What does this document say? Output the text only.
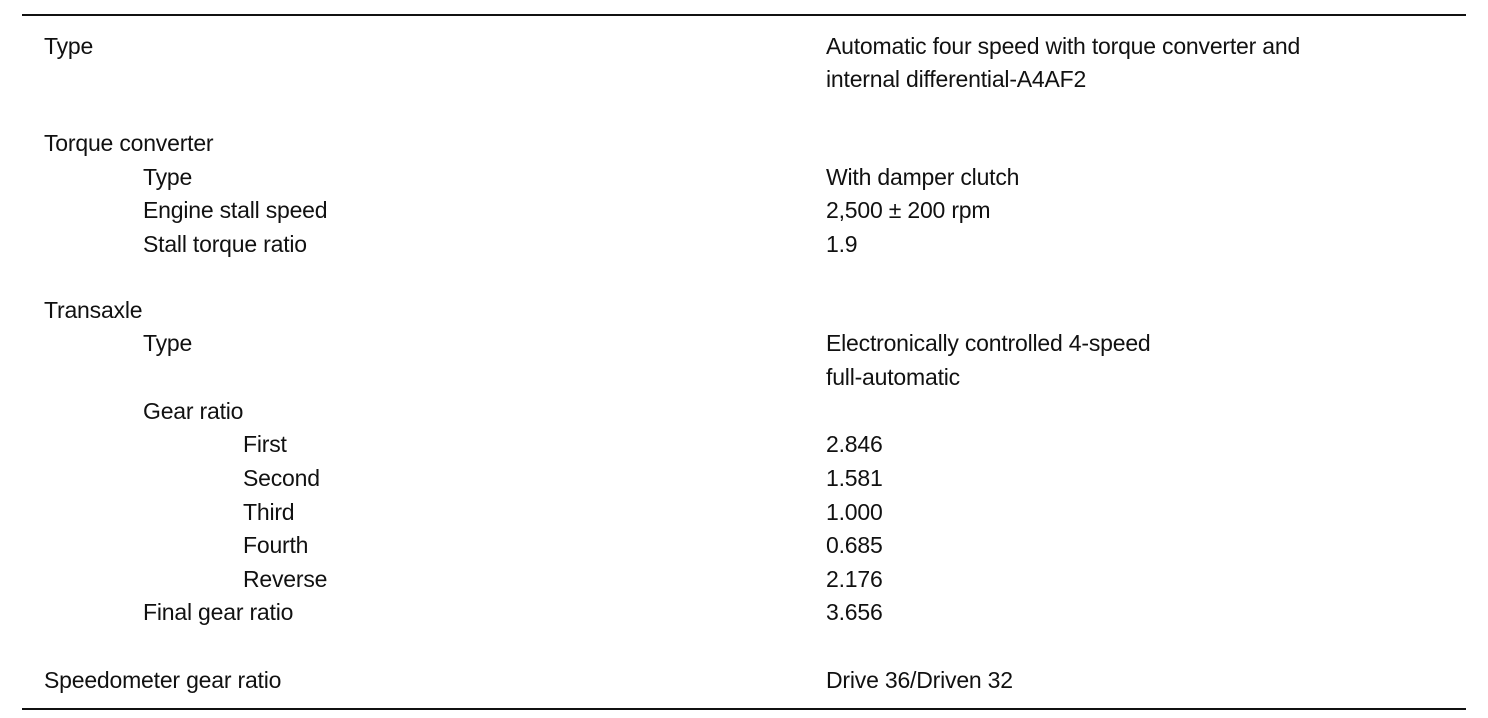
Type	Automatic four speed with torque converter and
internal differential-A4AF2
Torque converter
Type	With damper clutch
Engine stall speed	2,500 ± 200 rpm
Stall torque ratio	1.9
Transaxle
Type	Electronically controlled 4-speed
full-automatic
Gear ratio
First	2.846
Second	1.581
Third	1.000
Fourth	0.685
Reverse	2.176
Final gear ratio	3.656
Speedometer gear ratio	Drive 36/Driven 32
